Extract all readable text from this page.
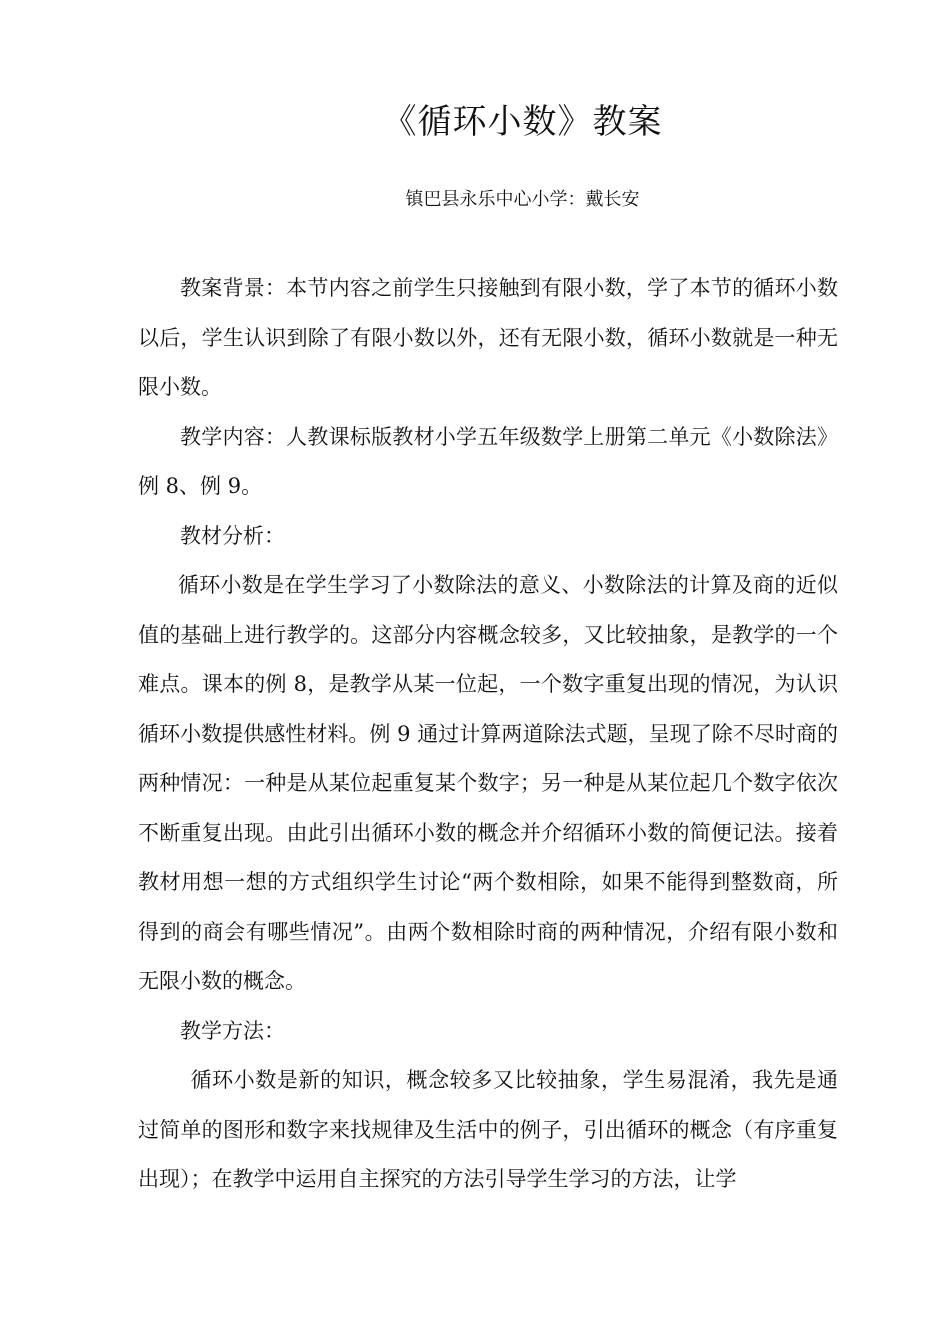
《循环小数》教案
镇巴县永乐中心小学：戴长安

教案背景：本节内容之前学生只接触到有限小数，学了本节的循环小数以后，学生认识到除了有限小数以外，还有无限小数，循环小数就是一种无限小数。

教学内容：人教课标版教材小学五年级数学上册第二单元《小数除法》例 8、例 9。

教材分析：

循环小数是在学生学习了小数除法的意义、小数除法的计算及商的近似值的基础上进行教学的。这部分内容概念较多，又比较抽象，是教学的一个难点。课本的例 8，是教学从某一位起，一个数字重复出现的情况，为认识循环小数提供感性材料。例 9 通过计算两道除法式题，呈现了除不尽时商的两种情况：一种是从某位起重复某个数字；另一种是从某位起几个数字依次不断重复出现。由此引出循环小数的概念并介绍循环小数的简便记法。接着教材用想一想的方式组织学生讨论“两个数相除，如果不能得到整数商，所得到的商会有哪些情况”。由两个数相除时商的两种情况，介绍有限小数和无限小数的概念。

教学方法：

循环小数是新的知识，概念较多又比较抽象，学生易混淆，我先是通过简单的图形和数字来找规律及生活中的例子，引出循环的概念（有序重复出现）；在教学中运用自主探究的方法引导学生学习的方法，让学
